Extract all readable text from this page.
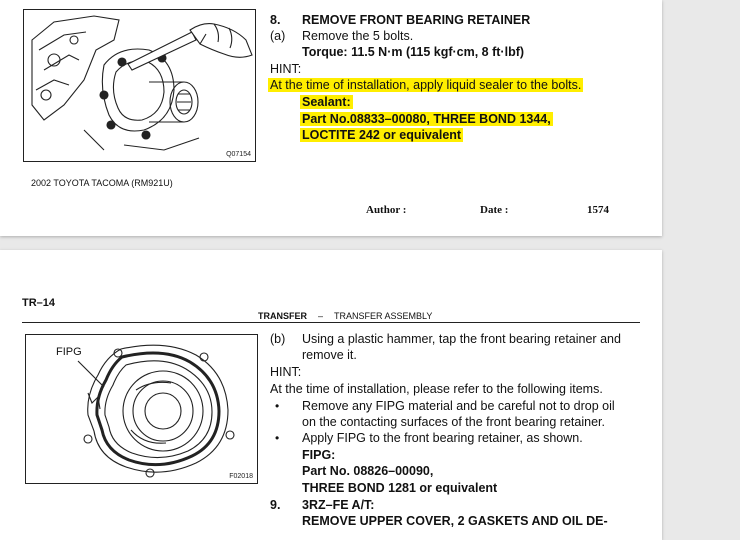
Q07154
8. REMOVE FRONT BEARING RETAINER
(a) Remove the 5 bolts.
Torque: 11.5 N·m (115 kgf·cm, 8 ft·lbf)
HINT:
At the time of installation, apply liquid sealer to the bolts.
Sealant:
Part No.08833–00080, THREE BOND 1344,
LOCTITE 242 or equivalent
2002 TOYOTA TACOMA (RM921U)
Author :	Date :	1574
TR–14
TRANSFER – TRANSFER ASSEMBLY
FIPG
F02018
(b) Using a plastic hammer, tap the front bearing retainer and
remove it.
HINT:
At the time of installation, please refer to the following items.
• Remove any FIPG material and be careful not to drop oil
on the contacting surfaces of the front bearing retainer.
• Apply FIPG to the front bearing retainer, as shown.
FIPG:
Part No. 08826–00090,
THREE BOND 1281 or equivalent
9. 3RZ–FE A/T:
REMOVE UPPER COVER, 2 GASKETS AND OIL DE-
